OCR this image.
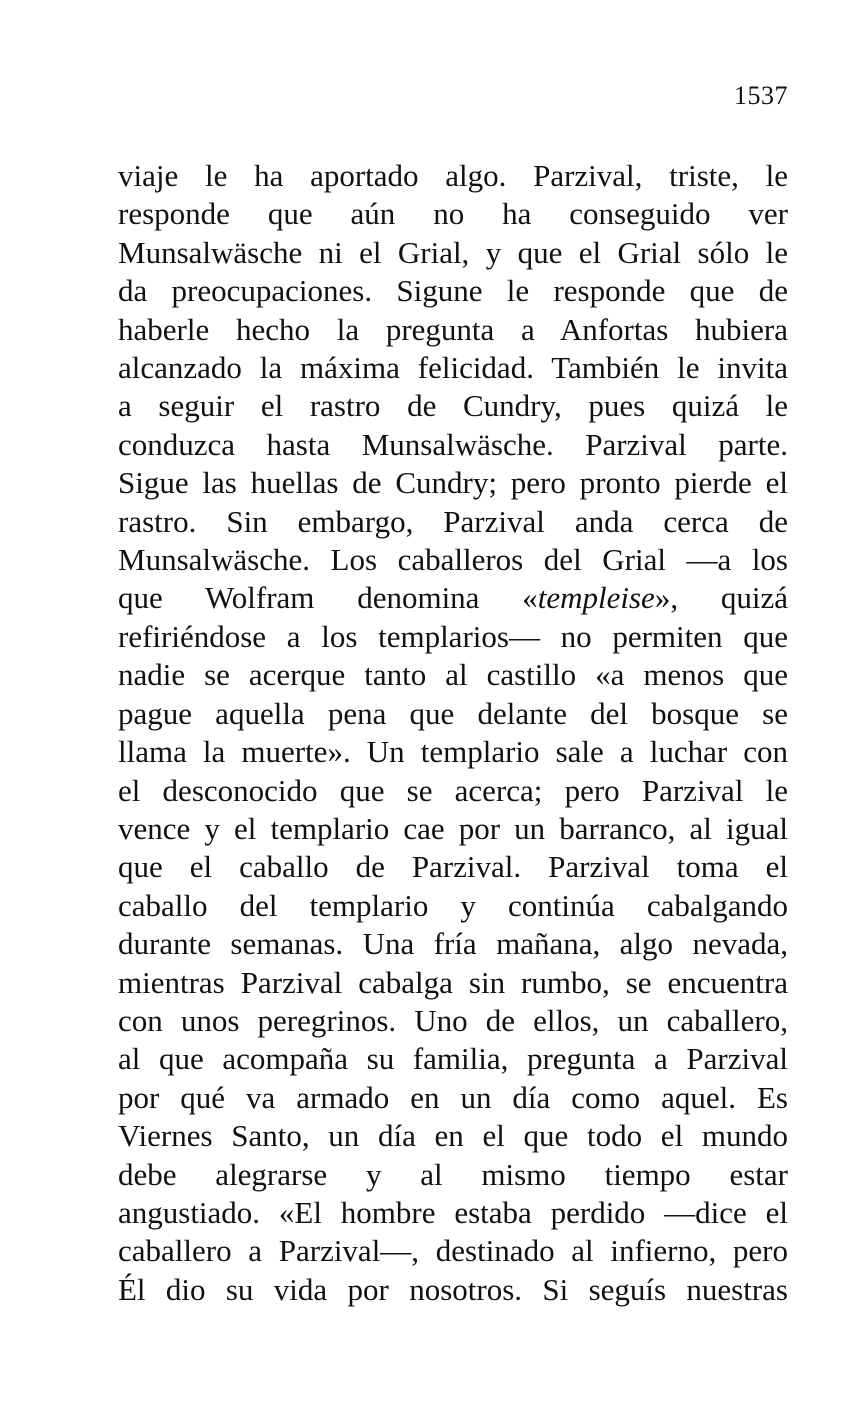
1537
viaje le ha aportado algo. Parzival, triste, le
responde que aún no ha conseguido ver
Munsalwäsche ni el Grial, y que el Grial sólo le
da preocupaciones. Sigune le responde que de
haberle hecho la pregunta a Anfortas hubiera
alcanzado la máxima felicidad. También le invita
a seguir el rastro de Cundry, pues quizá le
conduzca hasta Munsalwäsche. Parzival parte.
Sigue las huellas de Cundry; pero pronto pierde el
rastro. Sin embargo, Parzival anda cerca de
Munsalwäsche. Los caballeros del Grial —a los
que Wolfram denomina «templeise», quizá
refiriéndose a los templarios— no permiten que
nadie se acerque tanto al castillo «a menos que
pague aquella pena que delante del bosque se
llama la muerte». Un templario sale a luchar con
el desconocido que se acerca; pero Parzival le
vence y el templario cae por un barranco, al igual
que el caballo de Parzival. Parzival toma el
caballo del templario y continúa cabalgando
durante semanas. Una fría mañana, algo nevada,
mientras Parzival cabalga sin rumbo, se encuentra
con unos peregrinos. Uno de ellos, un caballero,
al que acompaña su familia, pregunta a Parzival
por qué va armado en un día como aquel. Es
Viernes Santo, un día en el que todo el mundo
debe alegrarse y al mismo tiempo estar
angustiado. «El hombre estaba perdido —dice el
caballero a Parzival—, destinado al infierno, pero
Él dio su vida por nosotros. Si seguís nuestras
